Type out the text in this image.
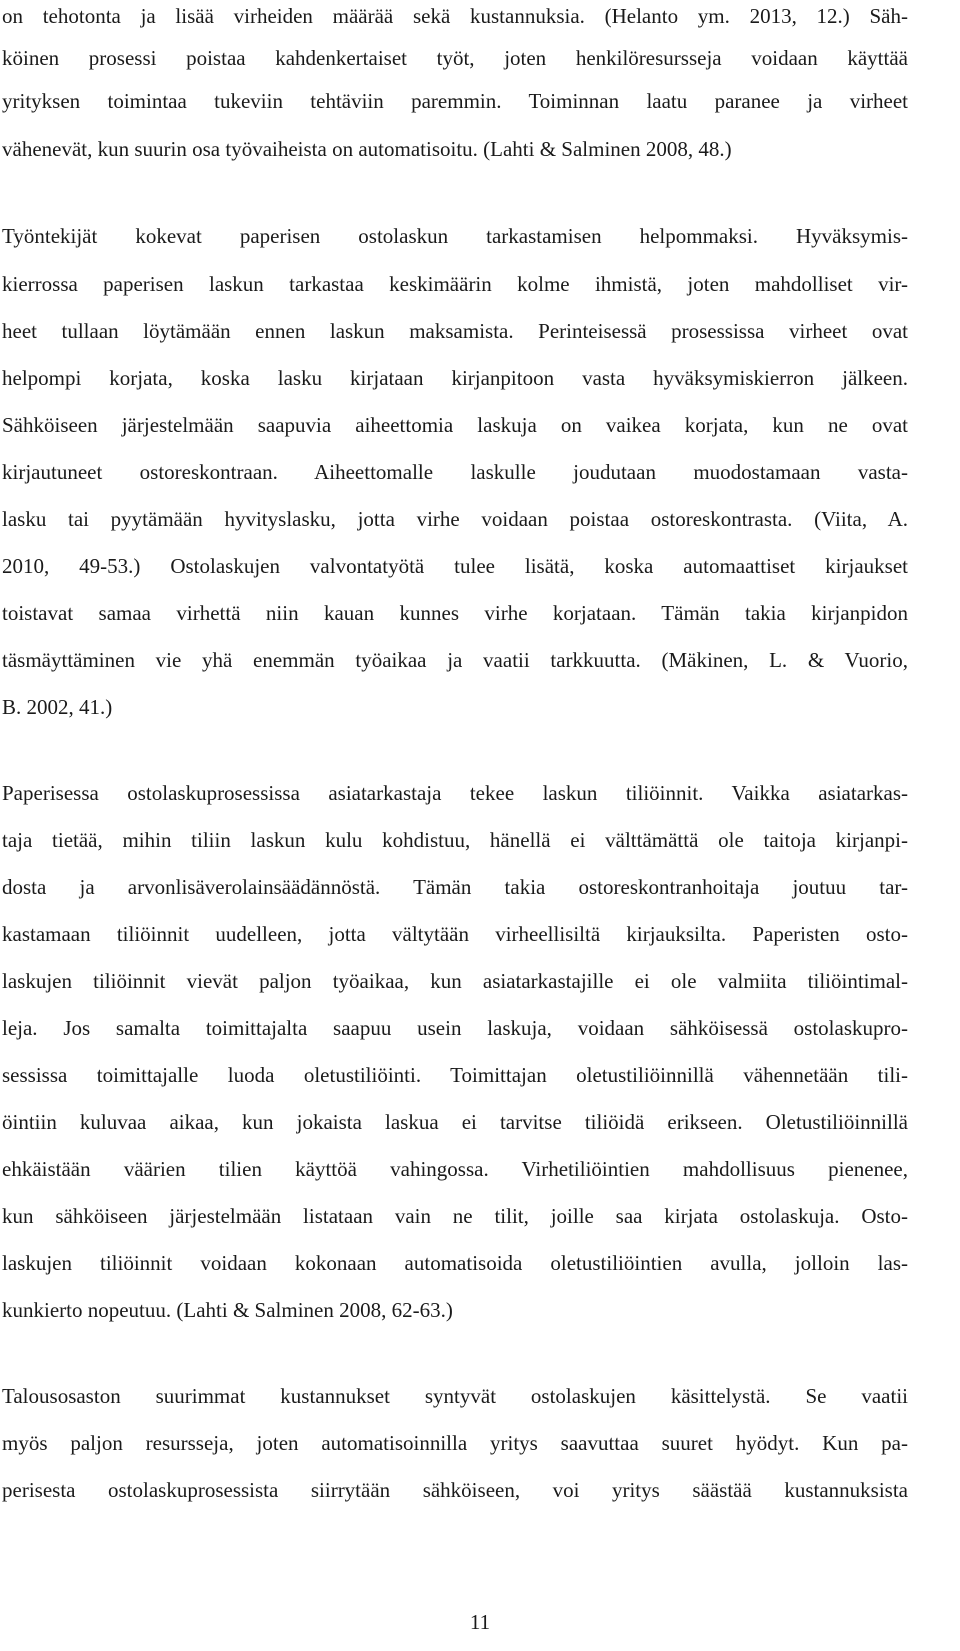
on tehotonta ja lisää virheiden määrää sekä kustannuksia. (Helanto ym. 2013, 12.) Säh-
köinen prosessi poistaa kahdenkertaiset työt, joten henkilöresursseja voidaan käyttää
yrityksen toimintaa tukeviin tehtäviin paremmin. Toiminnan laatu paranee ja virheet
vähenevät, kun suurin osa työvaiheista on automatisoitu. (Lahti & Salminen 2008, 48.)
Työntekijät kokevat paperisen ostolaskun tarkastamisen helpommaksi. Hyväksymis-
kierrossa paperisen laskun tarkastaa keskimäärin kolme ihmistä, joten mahdolliset vir-
heet tullaan löytämään ennen laskun maksamista. Perinteisessä prosessissa virheet ovat
helpompi korjata, koska lasku kirjataan kirjanpitoon vasta hyväksymiskierron jälkeen.
Sähköiseen järjestelmään saapuvia aiheettomia laskuja on vaikea korjata, kun ne ovat
kirjautuneet ostoreskontraan. Aiheettomalle laskulle joudutaan muodostamaan vasta-
lasku tai pyytämään hyvityslasku, jotta virhe voidaan poistaa ostoreskontrasta. (Viita, A.
2010, 49-53.) Ostolaskujen valvontatyötä tulee lisätä, koska automaattiset kirjaukset
toistavat samaa virhettä niin kauan kunnes virhe korjataan. Tämän takia kirjanpidon
täsmäyttäminen vie yhä enemmän työaikaa ja vaatii tarkkuutta. (Mäkinen, L. & Vuorio,
B. 2002, 41.)
Paperisessa ostolaskuprosessissa asiatarkastaja tekee laskun tiliöinnit. Vaikka asiatarkas-
taja tietää, mihin tiliin laskun kulu kohdistuu, hänellä ei välttämättä ole taitoja kirjanpi-
dosta ja arvonlisäverolainsäädännöstä. Tämän takia ostoreskontranhoitaja joutuu tar-
kastamaan tiliöinnit uudelleen, jotta vältytään virheellisiltä kirjauksilta. Paperisten osto-
laskujen tiliöinnit vievät paljon työaikaa, kun asiatarkastajille ei ole valmiita tiliöintimal-
leja. Jos samalta toimittajalta saapuu usein laskuja, voidaan sähköisessä ostolaskupro-
sessissa toimittajalle luoda oletustiliöinti. Toimittajan oletustiliöinnillä vähennetään tili-
öintiin kuluvaa aikaa, kun jokaista laskua ei tarvitse tiliöidä erikseen. Oletustiliöinnillä
ehkäistään väärien tilien käyttöä vahingossa. Virhetiliöintien mahdollisuus pienenee,
kun sähköiseen järjestelmään listataan vain ne tilit, joille saa kirjata ostolaskuja. Osto-
laskujen tiliöinnit voidaan kokonaan automatisoida oletustiliöintien avulla, jolloin las-
kunkierto nopeutuu. (Lahti & Salminen 2008, 62-63.)
Talousosaston suurimmat kustannukset syntyvät ostolaskujen käsittelystä. Se vaatii
myös paljon resursseja, joten automatisoinnilla yritys saavuttaa suuret hyödyt. Kun pa-
perisesta ostolaskuprosessista siirrytään sähköiseen, voi yritys säästää kustannuksista
11
